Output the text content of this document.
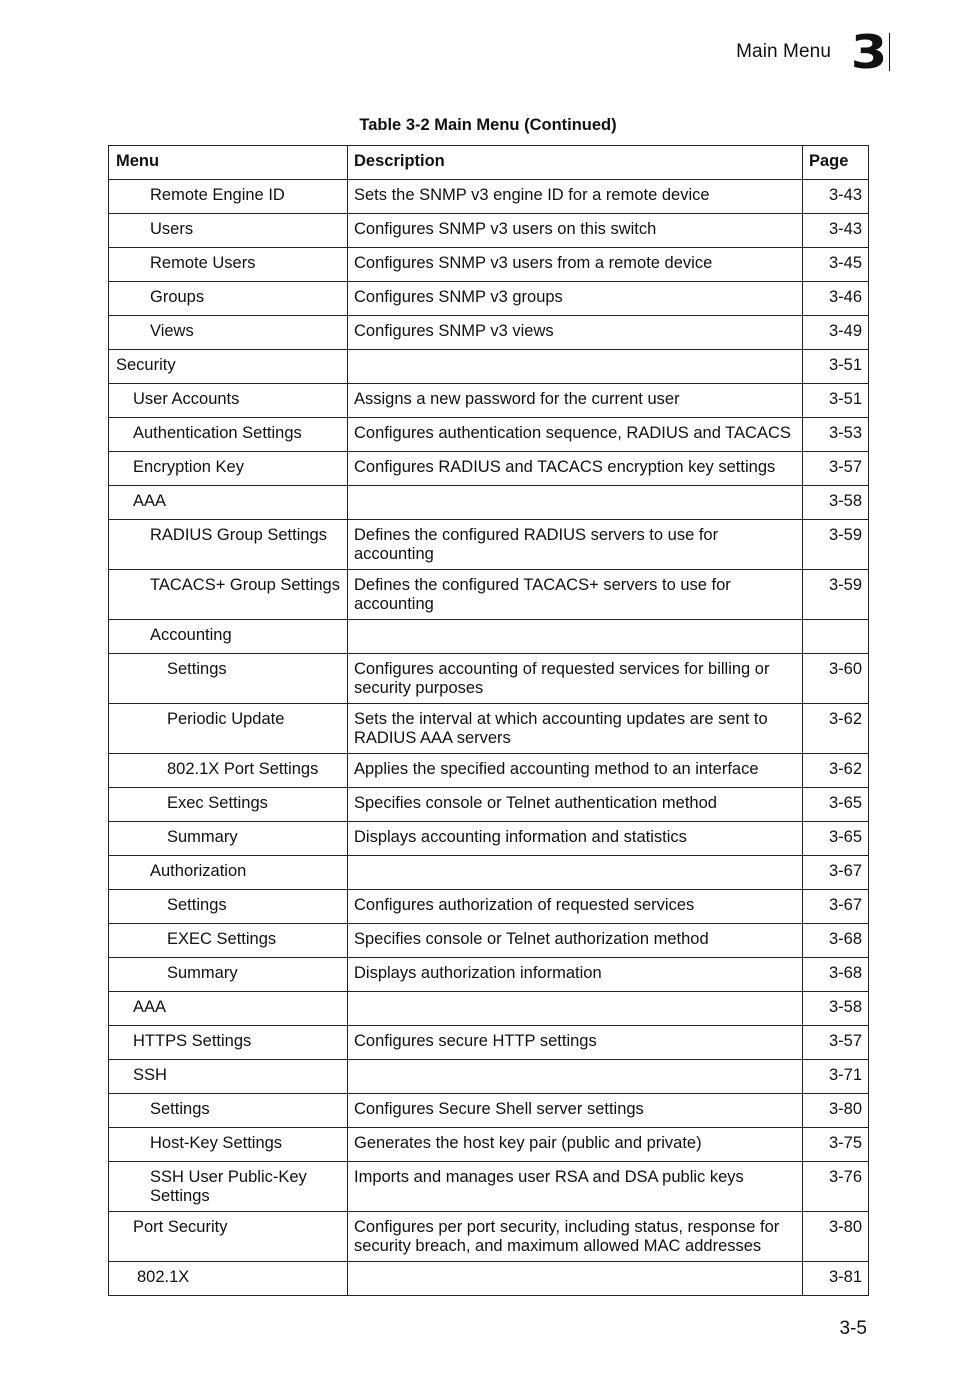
Main Menu 3
Table 3-2 Main Menu (Continued)
Menu	Description	Page
Remote Engine ID	Sets the SNMP v3 engine ID for a remote device	3-43
Users	Configures SNMP v3 users on this switch	3-43
Remote Users	Configures SNMP v3 users from a remote device	3-45
Groups	Configures SNMP v3 groups	3-46
Views	Configures SNMP v3 views	3-49
Security		3-51
User Accounts	Assigns a new password for the current user	3-51
Authentication Settings	Configures authentication sequence, RADIUS and TACACS	3-53
Encryption Key	Configures RADIUS and TACACS encryption key settings	3-57
AAA		3-58
RADIUS Group Settings	Defines the configured RADIUS servers to use for accounting	3-59
TACACS+ Group Settings	Defines the configured TACACS+ servers to use for accounting	3-59
Accounting		
Settings	Configures accounting of requested services for billing or security purposes	3-60
Periodic Update	Sets the interval at which accounting updates are sent to RADIUS AAA servers	3-62
802.1X Port Settings	Applies the specified accounting method to an interface	3-62
Exec Settings	Specifies console or Telnet authentication method	3-65
Summary	Displays accounting information and statistics	3-65
Authorization		3-67
Settings	Configures authorization of requested services	3-67
EXEC Settings	Specifies console or Telnet authorization method	3-68
Summary	Displays authorization information	3-68
AAA		3-58
HTTPS Settings	Configures secure HTTP settings	3-57
SSH		3-71
Settings	Configures Secure Shell server settings	3-80
Host-Key Settings	Generates the host key pair (public and private)	3-75
SSH User Public-Key Settings	Imports and manages user RSA and DSA public keys	3-76
Port Security	Configures per port security, including status, response for security breach, and maximum allowed MAC addresses	3-80
802.1X		3-81
3-5
